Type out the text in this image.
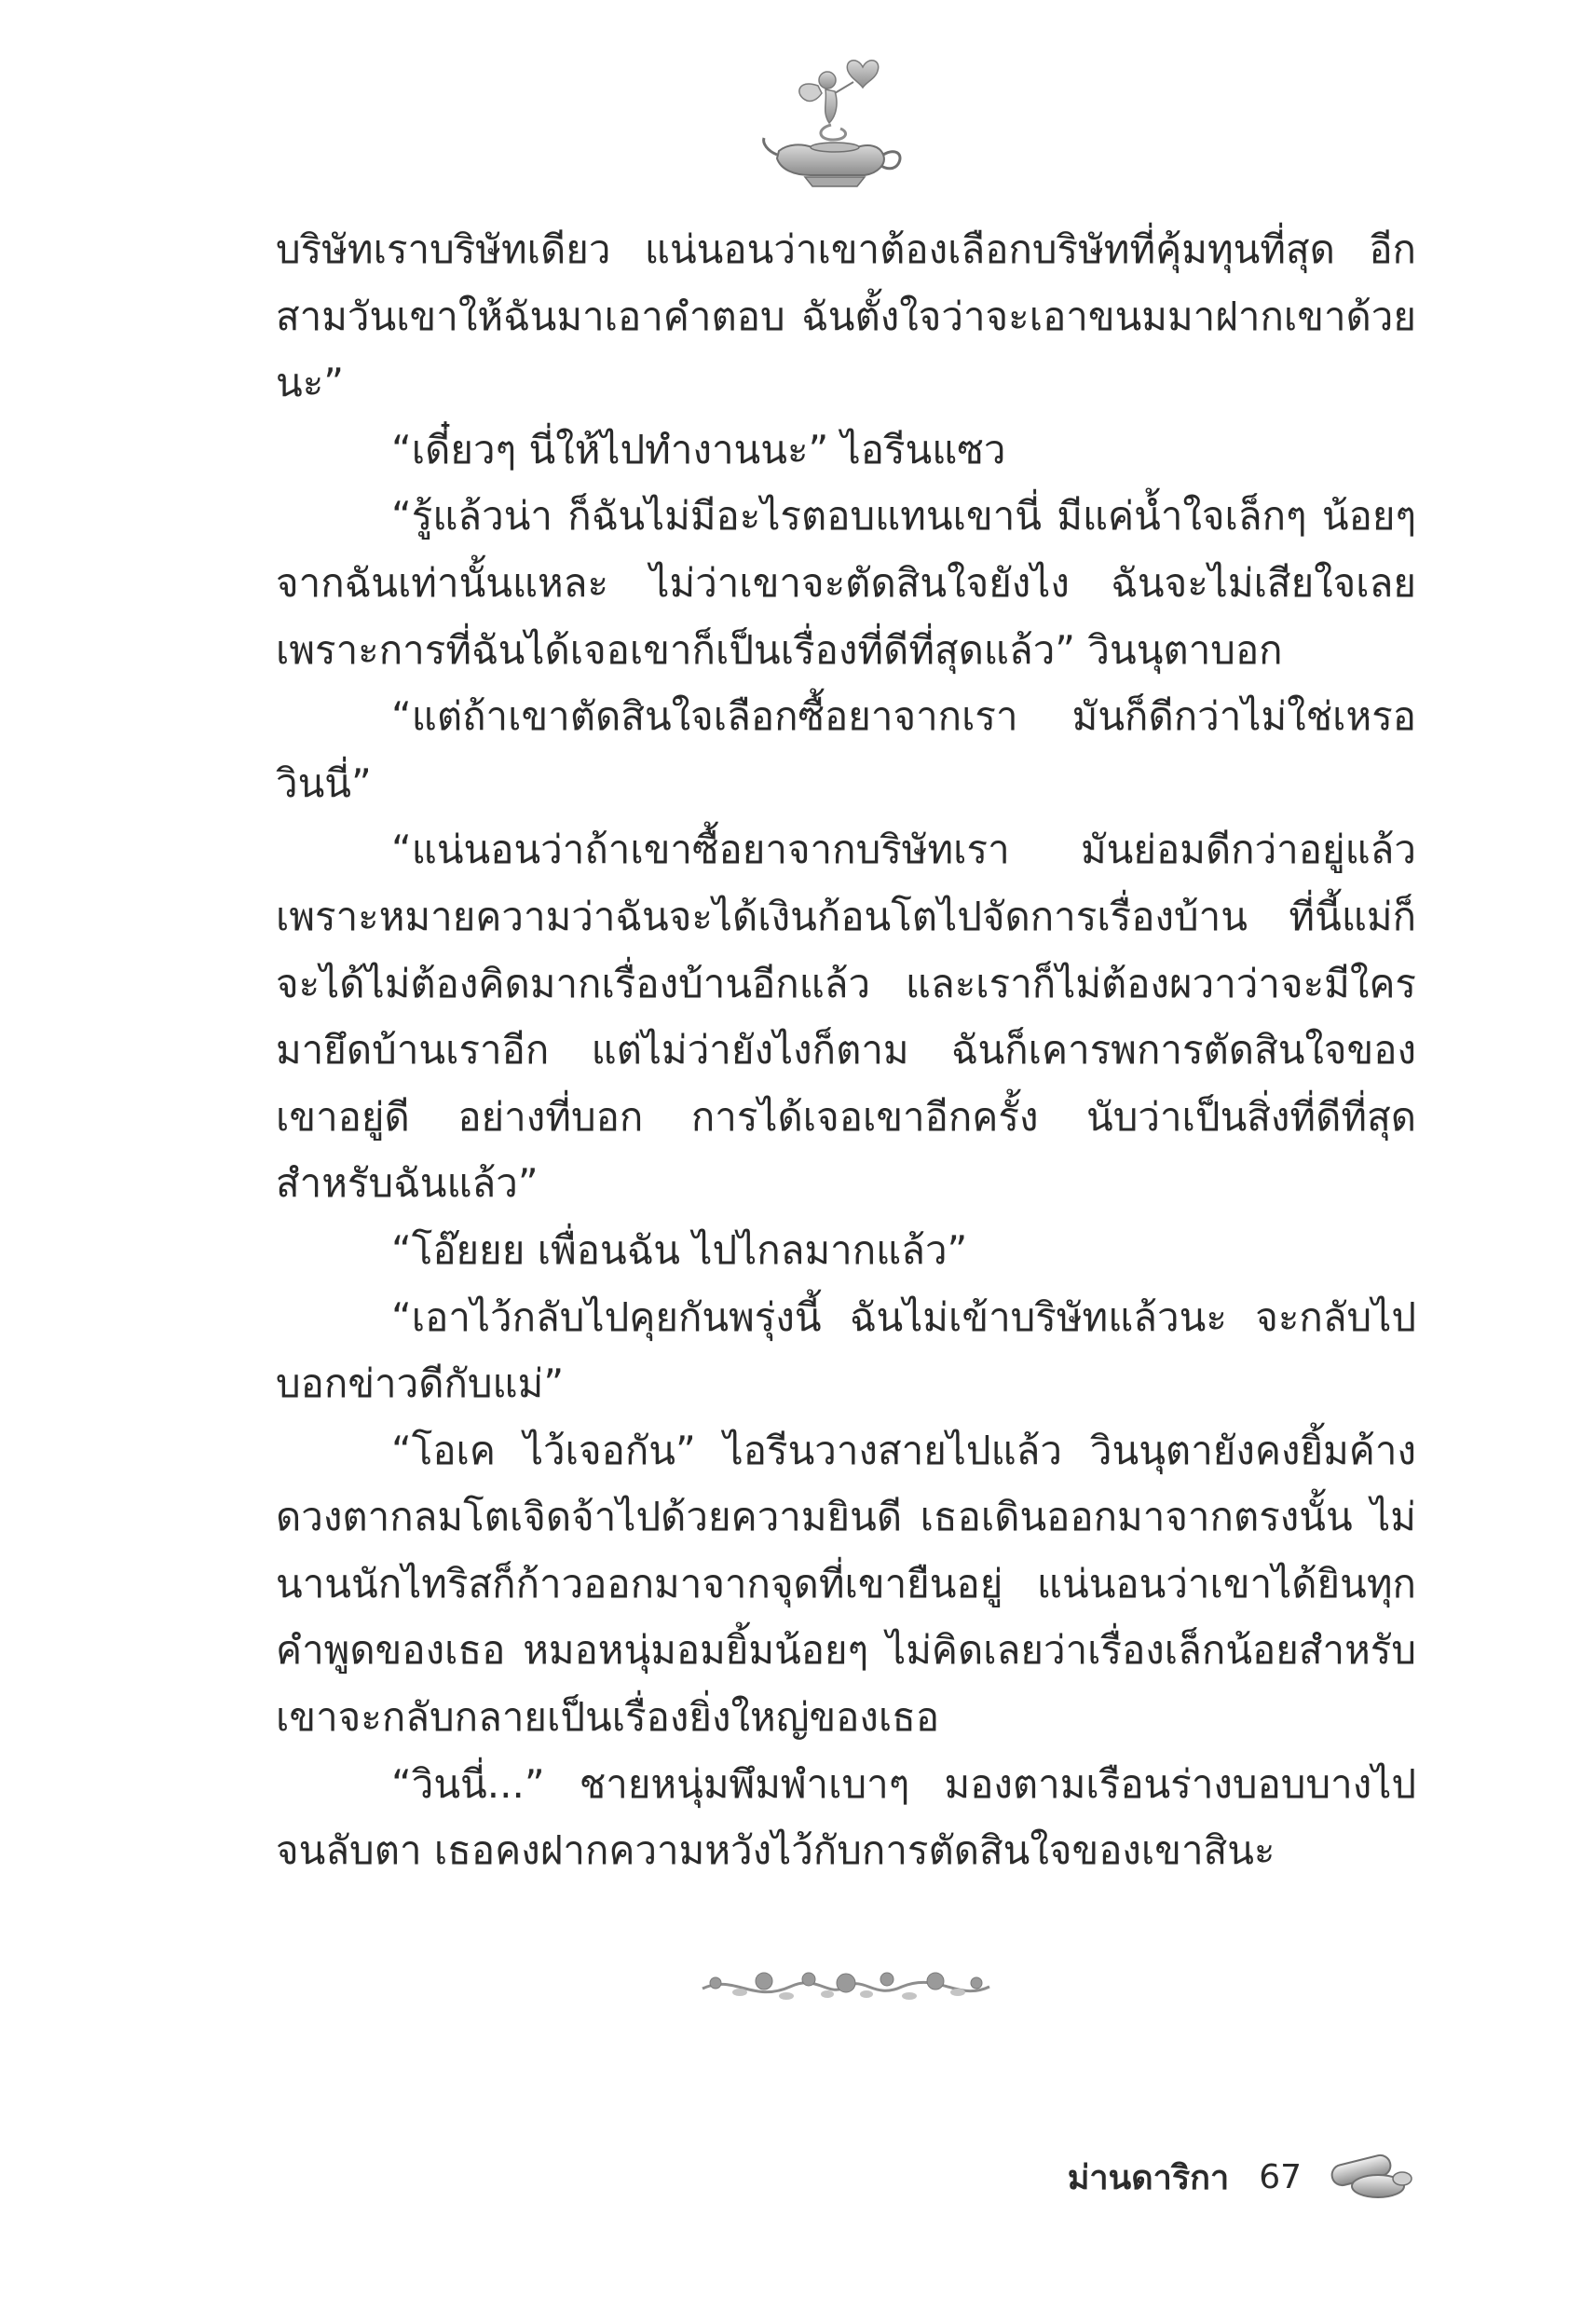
บริษัทเราบริษัทเดียว แน่นอนว่าเขาต้องเลือกบริษัทที่คุ้มทุนที่สุด อีกสามวันเขาให้ฉันมาเอาคำตอบ ฉันตั้งใจว่าจะเอาขนมมาฝากเขาด้วยนะ”

“เดี๋ยวๆ นี่ให้ไปทำงานนะ” ไอรีนแซว

“รู้แล้วน่า ก็ฉันไม่มีอะไรตอบแทนเขานี่ มีแค่น้ำใจเล็กๆ น้อยๆ จากฉันเท่านั้นแหละ ไม่ว่าเขาจะตัดสินใจยังไง ฉันจะไม่เสียใจเลย เพราะการที่ฉันได้เจอเขาก็เป็นเรื่องที่ดีที่สุดแล้ว” วินนุตาบอก

“แต่ถ้าเขาตัดสินใจเลือกซื้อยาจากเรา มันก็ดีกว่าไม่ใช่เหรอวินนี่”

“แน่นอนว่าถ้าเขาซื้อยาจากบริษัทเรา มันย่อมดีกว่าอยู่แล้ว เพราะหมายความว่าฉันจะได้เงินก้อนโตไปจัดการเรื่องบ้าน ที่นี้แม่ก็จะได้ไม่ต้องคิดมากเรื่องบ้านอีกแล้ว และเราก็ไม่ต้องผวาว่าจะมีใครมายึดบ้านเราอีก แต่ไม่ว่ายังไงก็ตาม ฉันก็เคารพการตัดสินใจของเขาอยู่ดี อย่างที่บอก การได้เจอเขาอีกครั้ง นับว่าเป็นสิ่งที่ดีที่สุดสำหรับฉันแล้ว”

“โอ๊ยยย เพื่อนฉัน ไปไกลมากแล้ว”

“เอาไว้กลับไปคุยกันพรุ่งนี้ ฉันไม่เข้าบริษัทแล้วนะ จะกลับไปบอกข่าวดีกับแม่”

“โอเค ไว้เจอกัน” ไอรีนวางสายไปแล้ว วินนุตายังคงยิ้มค้าง ดวงตากลมโตเจิดจ้าไปด้วยความยินดี เธอเดินออกมาจากตรงนั้น ไม่นานนักไทริสก็ก้าวออกมาจากจุดที่เขายืนอยู่ แน่นอนว่าเขาได้ยินทุกคำพูดของเธอ หมอหนุ่มอมยิ้มน้อยๆ ไม่คิดเลยว่าเรื่องเล็กน้อยสำหรับเขาจะกลับกลายเป็นเรื่องยิ่งใหญ่ของเธอ

“วินนี่...” ชายหนุ่มพึมพำเบาๆ มองตามเรือนร่างบอบบางไปจนลับตา เธอคงฝากความหวังไว้กับการตัดสินใจของเขาสินะ

ม่านดาริกา 67
